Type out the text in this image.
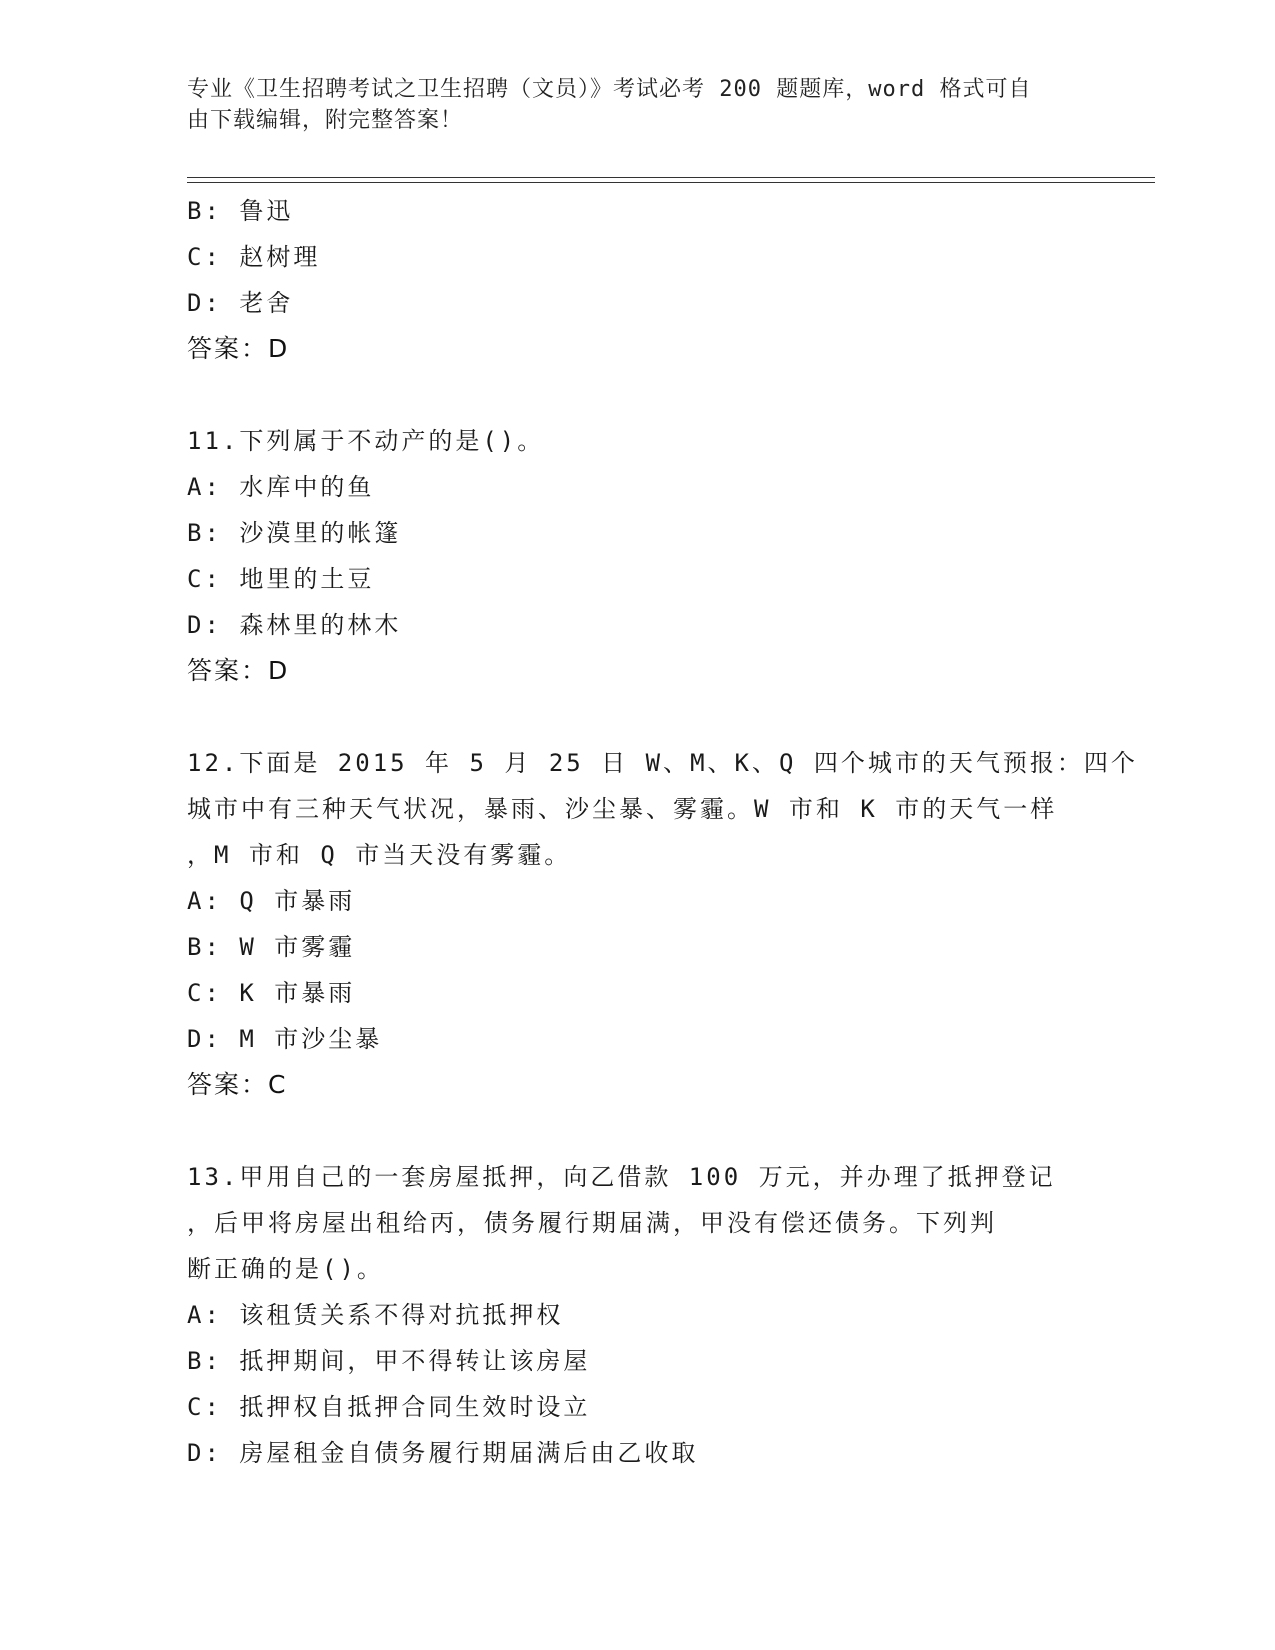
专业《卫生招聘考试之卫生招聘（文员）》考试必考 200 题题库，word 格式可自
由下载编辑，附完整答案！
B: 鲁迅
C: 赵树理
D: 老舍
答案：D
11.下列属于不动产的是()。
A: 水库中的鱼
B: 沙漠里的帐篷
C: 地里的土豆
D: 森林里的林木
答案：D
12.下面是 2015 年 5 月 25 日 W、M、K、Q 四个城市的天气预报：四个
城市中有三种天气状况，暴雨、沙尘暴、雾霾。W 市和 K 市的天气一样
，M 市和 Q 市当天没有雾霾。
A: Q 市暴雨
B: W 市雾霾
C: K 市暴雨
D: M 市沙尘暴
答案：C
13.甲用自己的一套房屋抵押，向乙借款 100 万元，并办理了抵押登记
，后甲将房屋出租给丙，债务履行期届满，甲没有偿还债务。下列判
断正确的是()。
A: 该租赁关系不得对抗抵押权
B: 抵押期间，甲不得转让该房屋
C: 抵押权自抵押合同生效时设立
D: 房屋租金自债务履行期届满后由乙收取
